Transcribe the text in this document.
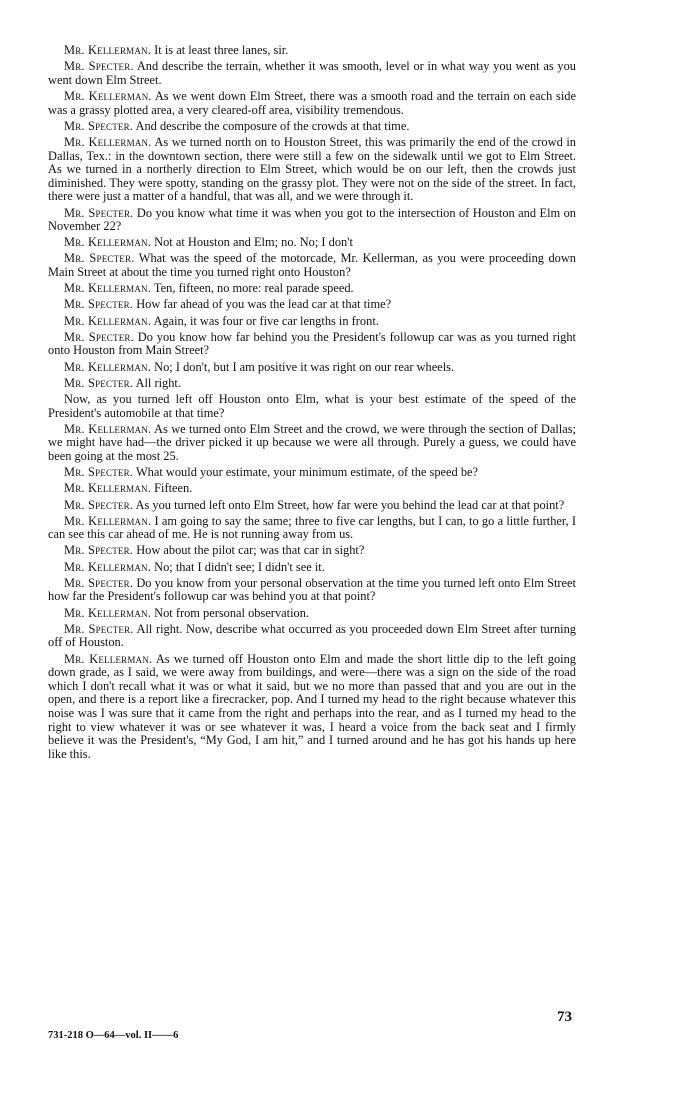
Mr. Kellerman. It is at least three lanes, sir.

Mr. Specter. And describe the terrain, whether it was smooth, level or in what way you went as you went down Elm Street.

Mr. Kellerman. As we went down Elm Street, there was a smooth road and the terrain on each side was a grassy plotted area, a very cleared-off area, visibility tremendous.

Mr. Specter. And describe the composure of the crowds at that time.

Mr. Kellerman. As we turned north on to Houston Street, this was primarily the end of the crowd in Dallas, Tex.: in the downtown section, there were still a few on the sidewalk until we got to Elm Street. As we turned in a northerly direction to Elm Street, which would be on our left, then the crowds just diminished. They were spotty, standing on the grassy plot. They were not on the side of the street. In fact, there were just a matter of a handful, that was all, and we were through it.

Mr. Specter. Do you know what time it was when you got to the intersection of Houston and Elm on November 22?

Mr. Kellerman. Not at Houston and Elm; no. No; I don't

Mr. Specter. What was the speed of the motorcade, Mr. Kellerman, as you were proceeding down Main Street at about the time you turned right onto Houston?

Mr. Kellerman. Ten, fifteen, no more: real parade speed.

Mr. Specter. How far ahead of you was the lead car at that time?

Mr. Kellerman. Again, it was four or five car lengths in front.

Mr. Specter. Do you know how far behind you the President's followup car was as you turned right onto Houston from Main Street?

Mr. Kellerman. No; I don't, but I am positive it was right on our rear wheels.

Mr. Specter. All right.

Now, as you turned left off Houston onto Elm, what is your best estimate of the speed of the President's automobile at that time?

Mr. Kellerman. As we turned onto Elm Street and the crowd, we were through the section of Dallas; we might have had—the driver picked it up because we were all through. Purely a guess, we could have been going at the most 25.

Mr. Specter. What would your estimate, your minimum estimate, of the speed be?

Mr. Kellerman. Fifteen.

Mr. Specter. As you turned left onto Elm Street, how far were you behind the lead car at that point?

Mr. Kellerman. I am going to say the same; three to five car lengths, but I can, to go a little further, I can see this car ahead of me. He is not running away from us.

Mr. Specter. How about the pilot car; was that car in sight?

Mr. Kellerman. No; that I didn't see; I didn't see it.

Mr. Specter. Do you know from your personal observation at the time you turned left onto Elm Street how far the President's followup car was behind you at that point?

Mr. Kellerman. Not from personal observation.

Mr. Specter. All right. Now, describe what occurred as you proceeded down Elm Street after turning off of Houston.

Mr. Kellerman. As we turned off Houston onto Elm and made the short little dip to the left going down grade, as I said, we were away from buildings, and were—there was a sign on the side of the road which I don't recall what it was or what it said, but we no more than passed that and you are out in the open, and there is a report like a firecracker, pop. And I turned my head to the right because whatever this noise was I was sure that it came from the right and perhaps into the rear, and as I turned my head to the right to view whatever it was or see whatever it was, I heard a voice from the back seat and I firmly believe it was the President's, “My God, I am hit,” and I turned around and he has got his hands up here like this.

73
731-218 O—64—vol. II——6
